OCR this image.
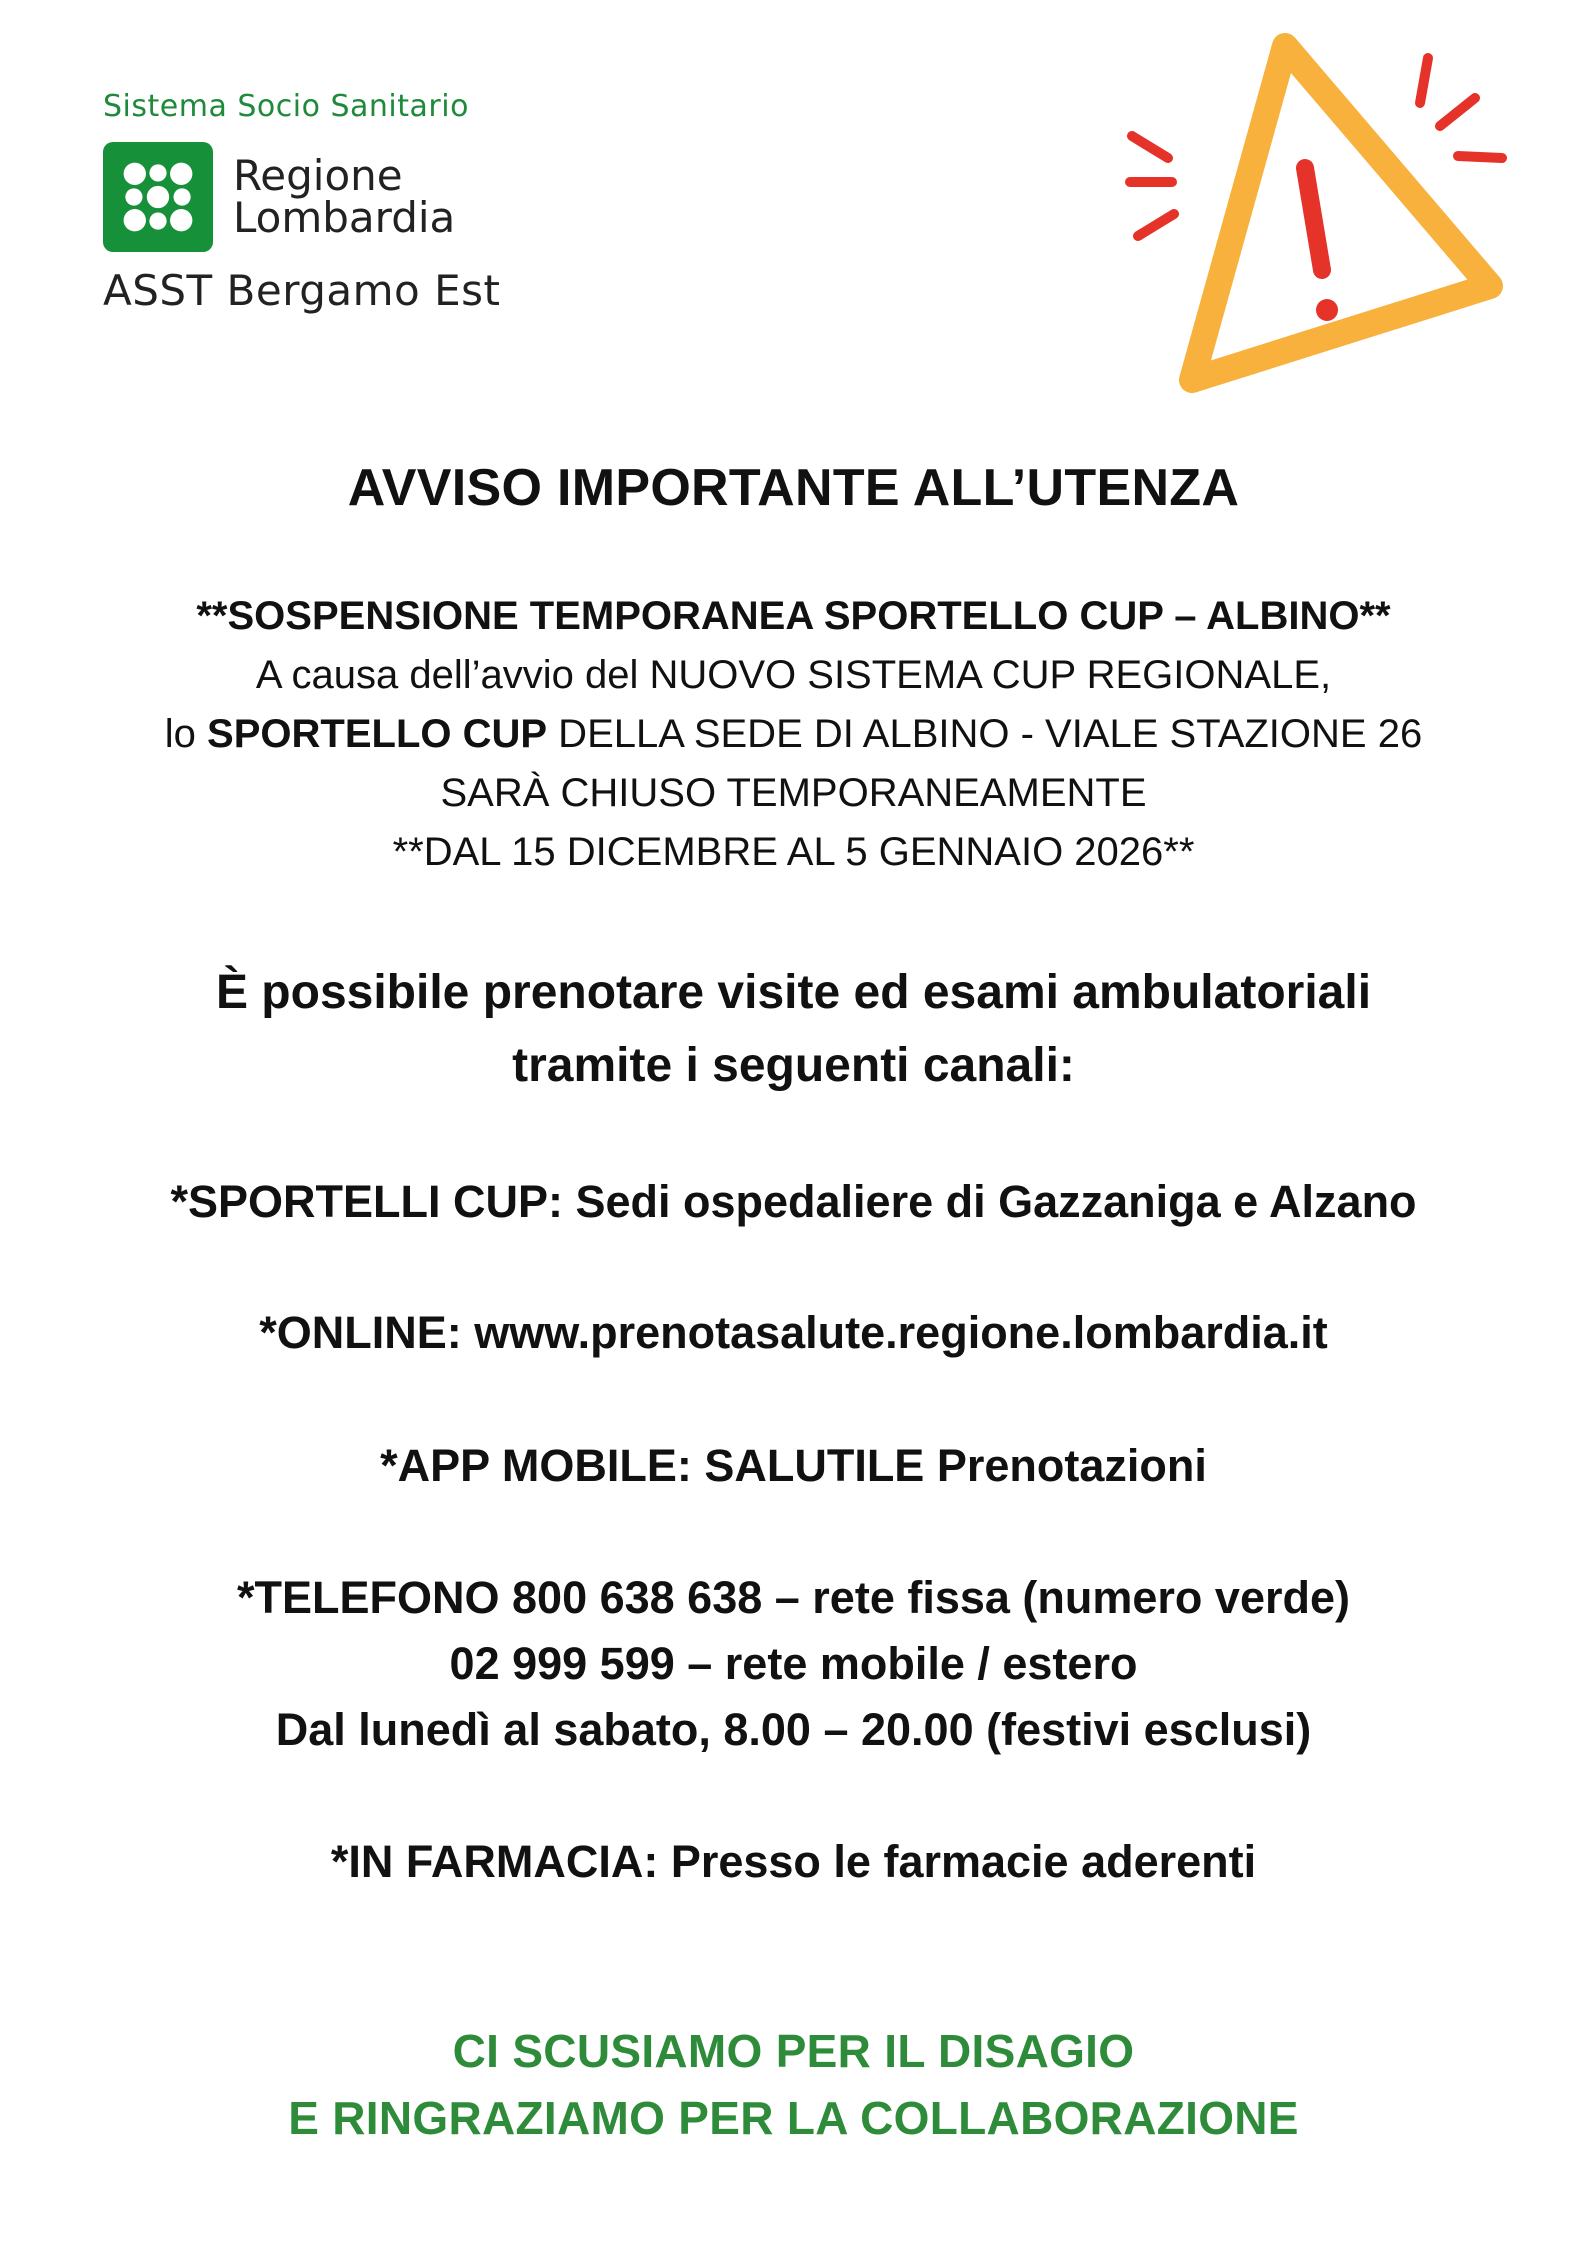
Sistema Socio Sanitario
Regione
Lombardia
ASST Bergamo Est
AVVISO IMPORTANTE ALL’UTENZA
**SOSPENSIONE TEMPORANEA SPORTELLO CUP – ALBINO**
A causa dell’avvio del NUOVO SISTEMA CUP REGIONALE,
lo SPORTELLO CUP DELLA SEDE DI ALBINO - VIALE STAZIONE 26
SARÀ CHIUSO TEMPORANEAMENTE
**DAL 15 DICEMBRE AL 5 GENNAIO 2026**
È possibile prenotare visite ed esami ambulatoriali
tramite i seguenti canali:
*SPORTELLI CUP: Sedi ospedaliere di Gazzaniga e Alzano
*ONLINE: www.prenotasalute.regione.lombardia.it
*APP MOBILE: SALUTILE Prenotazioni
*TELEFONO 800 638 638 – rete fissa (numero verde)
02 999 599 – rete mobile / estero
Dal lunedì al sabato, 8.00 – 20.00 (festivi esclusi)
*IN FARMACIA: Presso le farmacie aderenti
CI SCUSIAMO PER IL DISAGIO
E RINGRAZIAMO PER LA COLLABORAZIONE
